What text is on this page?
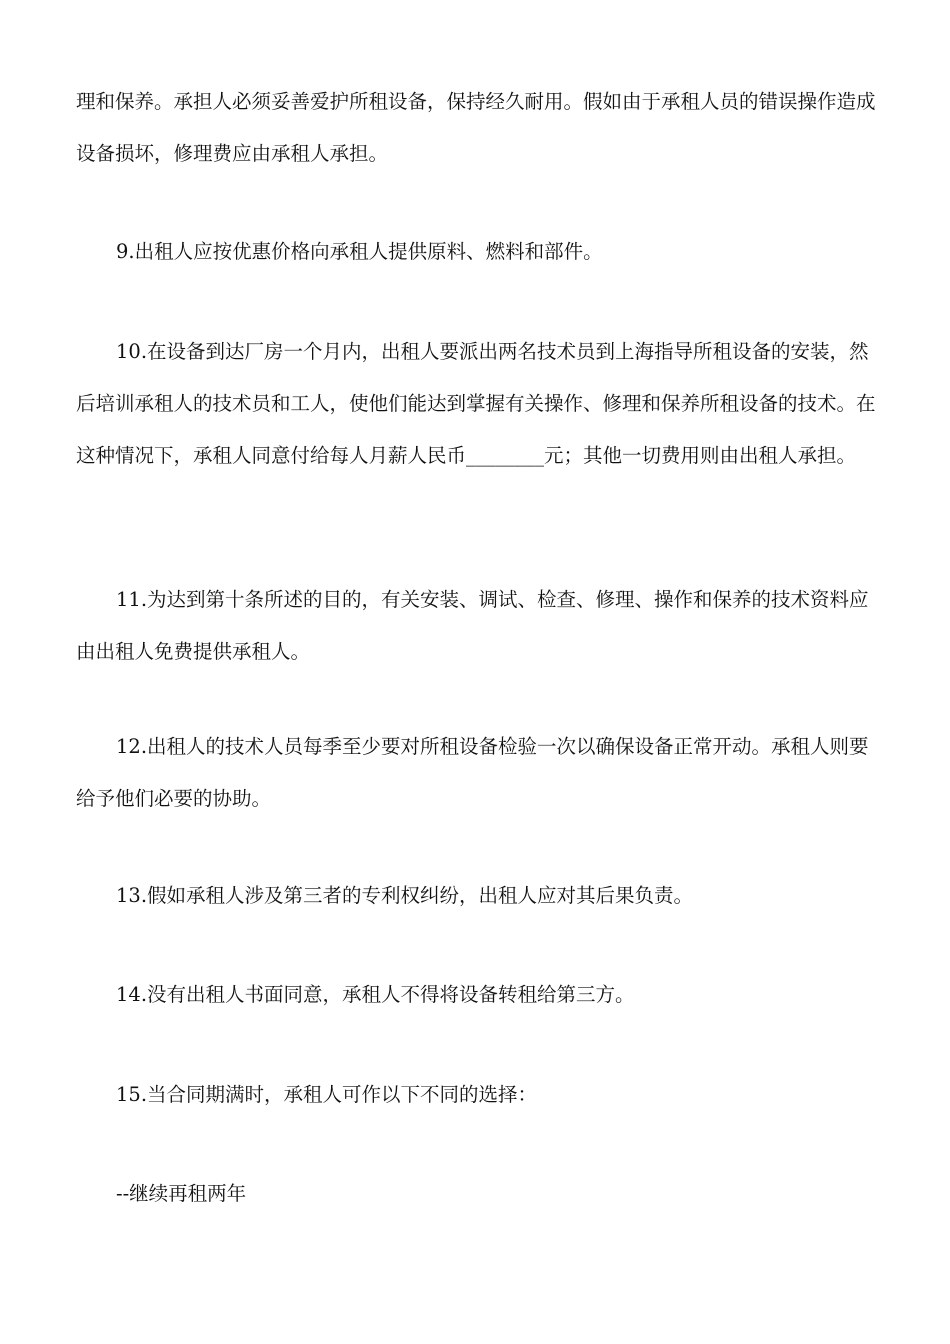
理和保养。承担人必须妥善爱护所租设备，保持经久耐用。假如由于承租人员的错误操作造成设备损坏，修理费应由承租人承担。

9.出租人应按优惠价格向承租人提供原料、燃料和部件。

10.在设备到达厂房一个月内，出租人要派出两名技术员到上海指导所租设备的安装，然后培训承租人的技术员和工人，使他们能达到掌握有关操作、修理和保养所租设备的技术。在这种情况下，承租人同意付给每人月薪人民币________元；其他一切费用则由出租人承担。

11.为达到第十条所述的目的，有关安装、调试、检查、修理、操作和保养的技术资料应由出租人免费提供承租人。

12.出租人的技术人员每季至少要对所租设备检验一次以确保设备正常开动。承租人则要给予他们必要的协助。

13.假如承租人涉及第三者的专利权纠纷，出租人应对其后果负责。

14.没有出租人书面同意，承租人不得将设备转租给第三方。

15.当合同期满时，承租人可作以下不同的选择：

--继续再租两年
